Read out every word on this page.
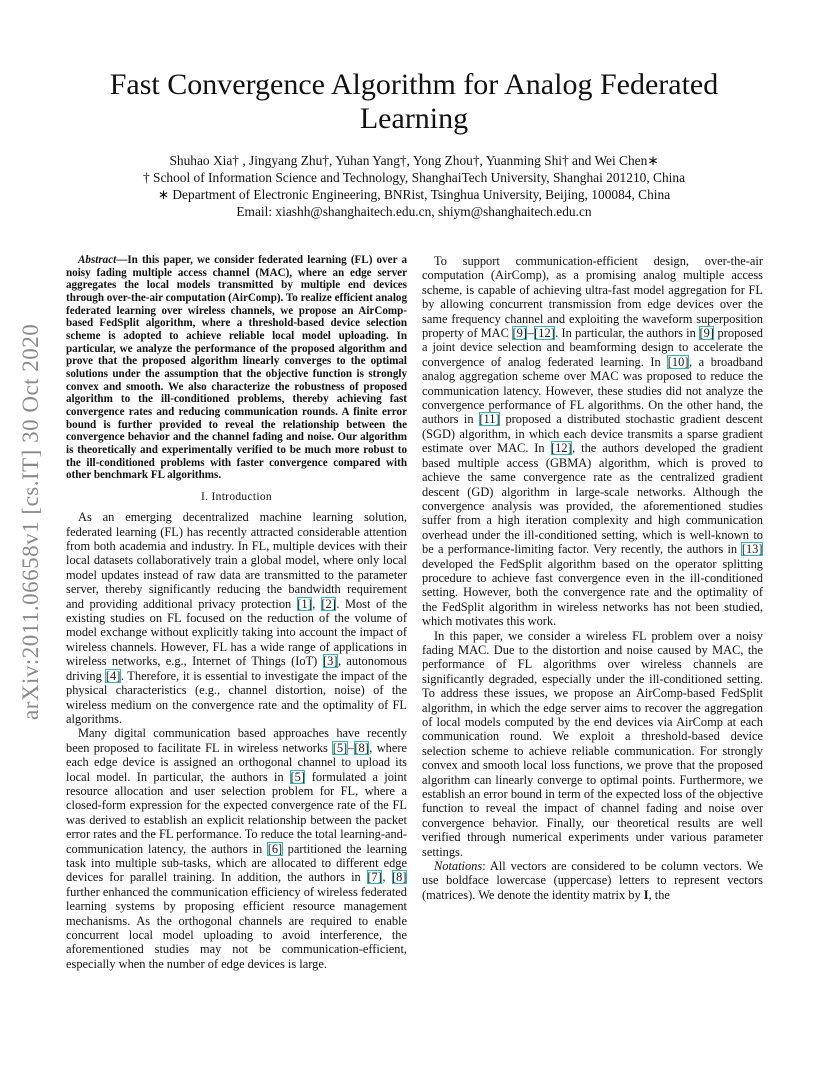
arXiv:2011.06658v1 [cs.IT] 30 Oct 2020
Fast Convergence Algorithm for Analog Federated Learning
Shuhao Xia† , Jingyang Zhu†, Yuhan Yang†, Yong Zhou†, Yuanming Shi† and Wei Chen∗
† School of Information Science and Technology, ShanghaiTech University, Shanghai 201210, China
∗ Department of Electronic Engineering, BNRist, Tsinghua University, Beijing, 100084, China
Email: xiashh@shanghaitech.edu.cn, shiym@shanghaitech.edu.cn

Abstract—In this paper, we consider federated learning (FL) over a noisy fading multiple access channel (MAC), where an edge server aggregates the local models transmitted by multiple end devices through over-the-air computation (AirComp). To realize efficient analog federated learning over wireless channels, we propose an AirComp-based FedSplit algorithm, where a threshold-based device selection scheme is adopted to achieve reliable local model uploading. In particular, we analyze the performance of the proposed algorithm and prove that the proposed algorithm linearly converges to the optimal solutions under the assumption that the objective function is strongly convex and smooth. We also characterize the robustness of proposed algorithm to the ill-conditioned problems, thereby achieving fast convergence rates and reducing communication rounds. A finite error bound is further provided to reveal the relationship between the convergence behavior and the channel fading and noise. Our algorithm is theoretically and experimentally verified to be much more robust to the ill-conditioned problems with faster convergence compared with other benchmark FL algorithms.

I. Introduction

As an emerging decentralized machine learning solution, federated learning (FL) has recently attracted considerable attention from both academia and industry. In FL, multiple devices with their local datasets collaboratively train a global model, where only local model updates instead of raw data are transmitted to the parameter server, thereby significantly reducing the bandwidth requirement and providing additional privacy protection [1], [2]. Most of the existing studies on FL focused on the reduction of the volume of model exchange without explicitly taking into account the impact of wireless channels. However, FL has a wide range of applications in wireless networks, e.g., Internet of Things (IoT) [3], autonomous driving [4]. Therefore, it is essential to investigate the impact of the physical characteristics (e.g., channel distortion, noise) of the wireless medium on the convergence rate and the optimality of FL algorithms.

Many digital communication based approaches have recently been proposed to facilitate FL in wireless networks [5]–[8], where each edge device is assigned an orthogonal channel to upload its local model. In particular, the authors in [5] formulated a joint resource allocation and user selection problem for FL, where a closed-form expression for the expected convergence rate of the FL was derived to establish an explicit relationship between the packet error rates and the FL performance. To reduce the total learning-and-communication latency, the authors in [6] partitioned the learning task into multiple sub-tasks, which are allocated to different edge devices for parallel training. In addition, the authors in [7], [8] further enhanced the communication efficiency of wireless federated learning systems by proposing efficient resource management mechanisms. As the orthogonal channels are required to enable concurrent local model uploading to avoid interference, the aforementioned studies may not be communication-efficient, especially when the number of edge devices is large.

To support communication-efficient design, over-the-air computation (AirComp), as a promising analog multiple access scheme, is capable of achieving ultra-fast model aggregation for FL by allowing concurrent transmission from edge devices over the same frequency channel and exploiting the waveform superposition property of MAC [9]–[12]. In particular, the authors in [9] proposed a joint device selection and beamforming design to accelerate the convergence of analog federated learning. In [10], a broadband analog aggregation scheme over MAC was proposed to reduce the communication latency. However, these studies did not analyze the convergence performance of FL algorithms. On the other hand, the authors in [11] proposed a distributed stochastic gradient descent (SGD) algorithm, in which each device transmits a sparse gradient estimate over MAC. In [12], the authors developed the gradient based multiple access (GBMA) algorithm, which is proved to achieve the same convergence rate as the centralized gradient descent (GD) algorithm in large-scale networks. Although the convergence analysis was provided, the aforementioned studies suffer from a high iteration complexity and high communication overhead under the ill-conditioned setting, which is well-known to be a performance-limiting factor. Very recently, the authors in [13] developed the FedSplit algorithm based on the operator splitting procedure to achieve fast convergence even in the ill-conditioned setting. However, both the convergence rate and the optimality of the FedSplit algorithm in wireless networks has not been studied, which motivates this work.

In this paper, we consider a wireless FL problem over a noisy fading MAC. Due to the distortion and noise caused by MAC, the performance of FL algorithms over wireless channels are significantly degraded, especially under the ill-conditioned setting. To address these issues, we propose an AirComp-based FedSplit algorithm, in which the edge server aims to recover the aggregation of local models computed by the end devices via AirComp at each communication round. We exploit a threshold-based device selection scheme to achieve reliable communication. For strongly convex and smooth local loss functions, we prove that the proposed algorithm can linearly converge to optimal points. Furthermore, we establish an error bound in term of the expected loss of the objective function to reveal the impact of channel fading and noise over convergence behavior. Finally, our theoretical results are well verified through numerical experiments under various parameter settings.

Notations: All vectors are considered to be column vectors. We use boldface lowercase (uppercase) letters to represent vectors (matrices). We denote the identity matrix by I, the
